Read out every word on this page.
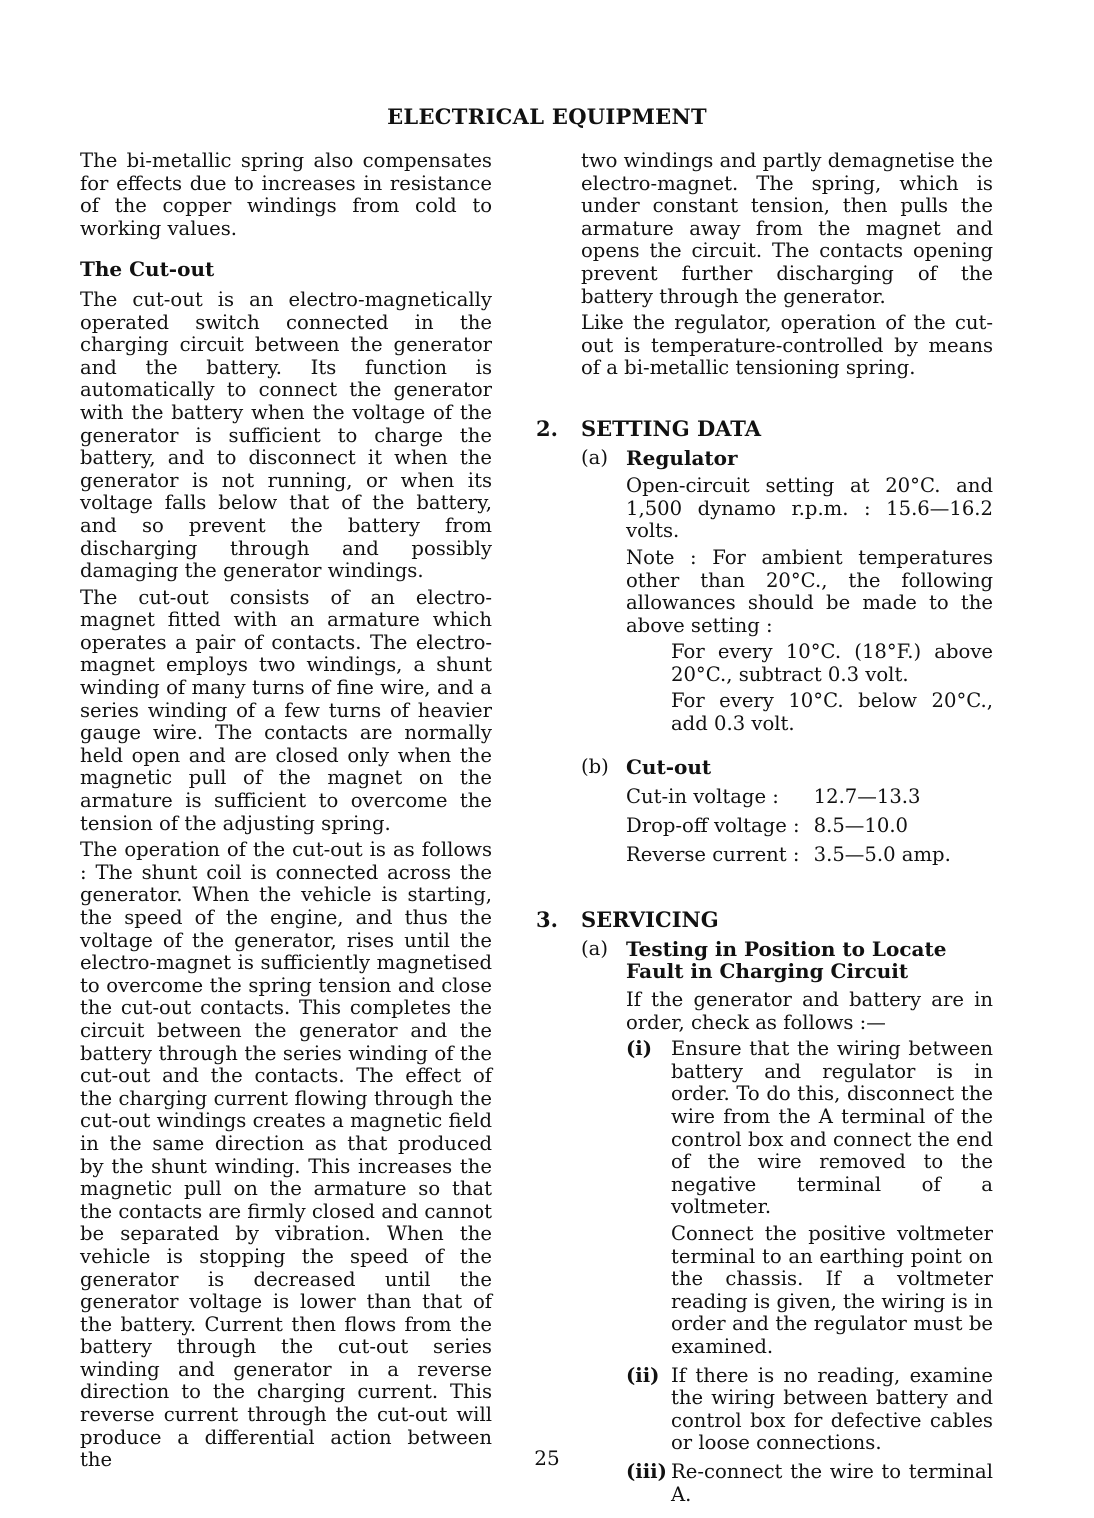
ELECTRICAL EQUIPMENT

The bi-metallic spring also compensates for effects due to increases in resistance of the copper windings from cold to working values.

The Cut-out

The cut-out is an electro-magnetically operated switch connected in the charging circuit between the generator and the battery. Its function is automatically to connect the generator with the battery when the voltage of the generator is sufficient to charge the battery, and to disconnect it when the generator is not running, or when its voltage falls below that of the battery, and so prevent the battery from discharging through and possibly damaging the generator windings.

The cut-out consists of an electro-magnet fitted with an armature which operates a pair of contacts. The electro-magnet employs two windings, a shunt winding of many turns of fine wire, and a series winding of a few turns of heavier gauge wire. The contacts are normally held open and are closed only when the magnetic pull of the magnet on the armature is sufficient to overcome the tension of the adjusting spring.

The operation of the cut-out is as follows : The shunt coil is connected across the generator. When the vehicle is starting, the speed of the engine, and thus the voltage of the generator, rises until the electro-magnet is sufficiently magnetised to overcome the spring tension and close the cut-out contacts. This completes the circuit between the generator and the battery through the series winding of the cut-out and the contacts. The effect of the charging current flowing through the cut-out windings creates a magnetic field in the same direction as that produced by the shunt winding. This increases the magnetic pull on the armature so that the contacts are firmly closed and cannot be separated by vibration. When the vehicle is stopping the speed of the generator is decreased until the generator voltage is lower than that of the battery. Current then flows from the battery through the cut-out series winding and generator in a reverse direction to the charging current. This reverse current through the cut-out will produce a differential action between the

two windings and partly demagnetise the electro-magnet. The spring, which is under constant tension, then pulls the armature away from the magnet and opens the circuit. The contacts opening prevent further discharging of the battery through the generator.

Like the regulator, operation of the cut-out is temperature-controlled by means of a bi-metallic tensioning spring.

2. SETTING DATA
(a) Regulator

Open-circuit setting at 20°C. and 1,500 dynamo r.p.m. : 15.6—16.2 volts.

Note : For ambient temperatures other than 20°C., the following allowances should be made to the above setting :

For every 10°C. (18°F.) above 20°C., subtract 0.3 volt.

For every 10°C. below 20°C., add 0.3 volt.

(b) Cut-out
Cut-in voltage :	12.7—13.3
Drop-off voltage :	8.5—10.0
Reverse current :	3.5—5.0 amp.
3. SERVICING
(a) Testing in Position to Locate Fault in Charging Circuit

If the generator and battery are in order, check as follows :—

(i) Ensure that the wiring between battery and regulator is in order. To do this, disconnect the wire from the A terminal of the control box and connect the end of the wire removed to the negative terminal of a voltmeter.

Connect the positive voltmeter terminal to an earthing point on the chassis. If a voltmeter reading is given, the wiring is in order and the regulator must be examined.

(ii) If there is no reading, examine the wiring between battery and control box for defective cables or loose connections.

(iii) Re-connect the wire to terminal A.

25
